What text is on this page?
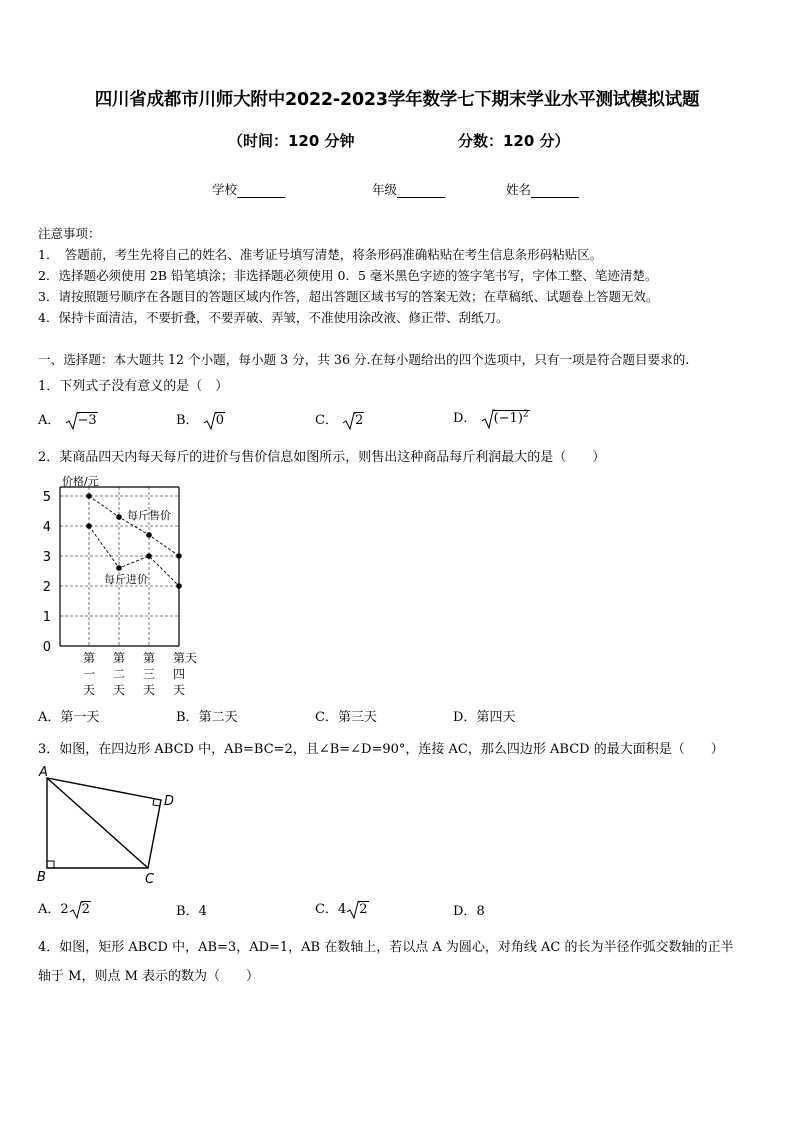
四川省成都市川师大附中2022-2023学年数学七下期末学业水平测试模拟试题
（时间：120 分钟	分数：120 分）
学校	年级	姓名
注意事项：
1．　答题前，考生先将自己的姓名、准考证号填写清楚，将条形码准确粘贴在考生信息条形码粘贴区。
2．选择题必须使用 2B 铅笔填涂；非选择题必须使用 0．5 毫米黑色字迹的签字笔书写，字体工整、笔迹清楚。
3．请按照题号顺序在各题目的答题区域内作答，超出答题区域书写的答案无效；在草稿纸、试题卷上答题无效。
4．保持卡面清洁，不要折叠，不要弄破、弄皱，不准使用涂改液、修正带、刮纸刀。
一、选择题：本大题共 12 个小题，每小题 3 分，共 36 分.在每小题给出的四个选项中，只有一项是符合题目要求的.
1．下列式子没有意义的是（　）
A． −3	B． 0	C． 2	D． $(-1)^2$
2．某商品四天内每天每斤的进价与售价信息如图所示，则售出这种商品每斤利润最大的是（　　）
0
1
2
3
4
5
第
一
天
第
二
天
第
三
天
第
四
天
价格/元
天
每斤售价
每斤进价
A．第一天	B．第二天	C．第三天	D．第四天
3．如图，在四边形 ABCD 中，AB=BC=2，且∠B=∠D=90°，连接 AC，那么四边形 ABCD 的最大面积是（　　）
A
B	C
D
A．2 2	B．4	C．4 2	D．8
4．如图，矩形 ABCD 中，AB=3，AD=1，AB 在数轴上，若以点 A 为圆心，对角线 AC 的长为半径作弧交数轴的正半
轴于 M，则点 M 表示的数为（　　）
